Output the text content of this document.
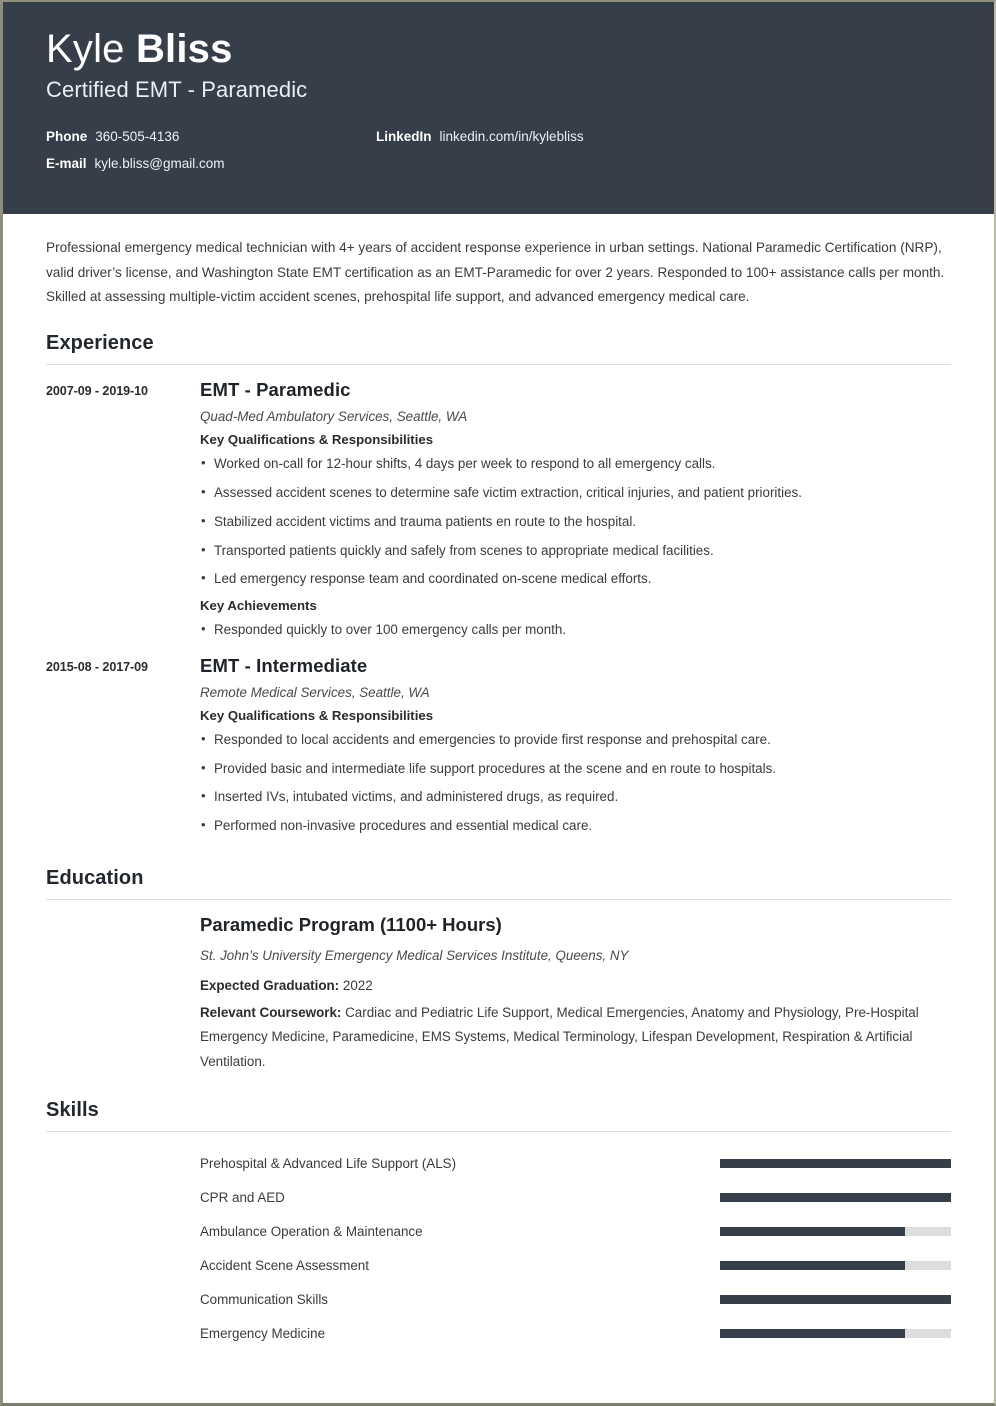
Kyle Bliss
Certified EMT - Paramedic
Phone 360-505-4136	LinkedIn linkedin.com/in/kylebliss
E-mail kyle.bliss@gmail.com

Professional emergency medical technician with 4+ years of accident response experience in urban settings. National Paramedic Certification (NRP), valid driver’s license, and Washington State EMT certification as an EMT-Paramedic for over 2 years. Responded to 100+ assistance calls per month. Skilled at assessing multiple-victim accident scenes, prehospital life support, and advanced emergency medical care.

Experience
2007-09 - 2019-10	EMT - Paramedic
Quad-Med Ambulatory Services, Seattle, WA
Key Qualifications & Responsibilities
• Worked on-call for 12-hour shifts, 4 days per week to respond to all emergency calls.
• Assessed accident scenes to determine safe victim extraction, critical injuries, and patient priorities.
• Stabilized accident victims and trauma patients en route to the hospital.
• Transported patients quickly and safely from scenes to appropriate medical facilities.
• Led emergency response team and coordinated on-scene medical efforts.
Key Achievements
• Responded quickly to over 100 emergency calls per month.
2015-08 - 2017-09	EMT - Intermediate
Remote Medical Services, Seattle, WA
Key Qualifications & Responsibilities
• Responded to local accidents and emergencies to provide first response and prehospital care.
• Provided basic and intermediate life support procedures at the scene and en route to hospitals.
• Inserted IVs, intubated victims, and administered drugs, as required.
• Performed non-invasive procedures and essential medical care.
Education
Paramedic Program (1100+ Hours)
St. John’s University Emergency Medical Services Institute, Queens, NY
Expected Graduation: 2022
Relevant Coursework: Cardiac and Pediatric Life Support, Medical Emergencies, Anatomy and Physiology, Pre-Hospital Emergency Medicine, Paramedicine, EMS Systems, Medical Terminology, Lifespan Development, Respiration & Artificial Ventilation.
Skills
Prehospital & Advanced Life Support (ALS)
CPR and AED
Ambulance Operation & Maintenance
Accident Scene Assessment
Communication Skills
Emergency Medicine
